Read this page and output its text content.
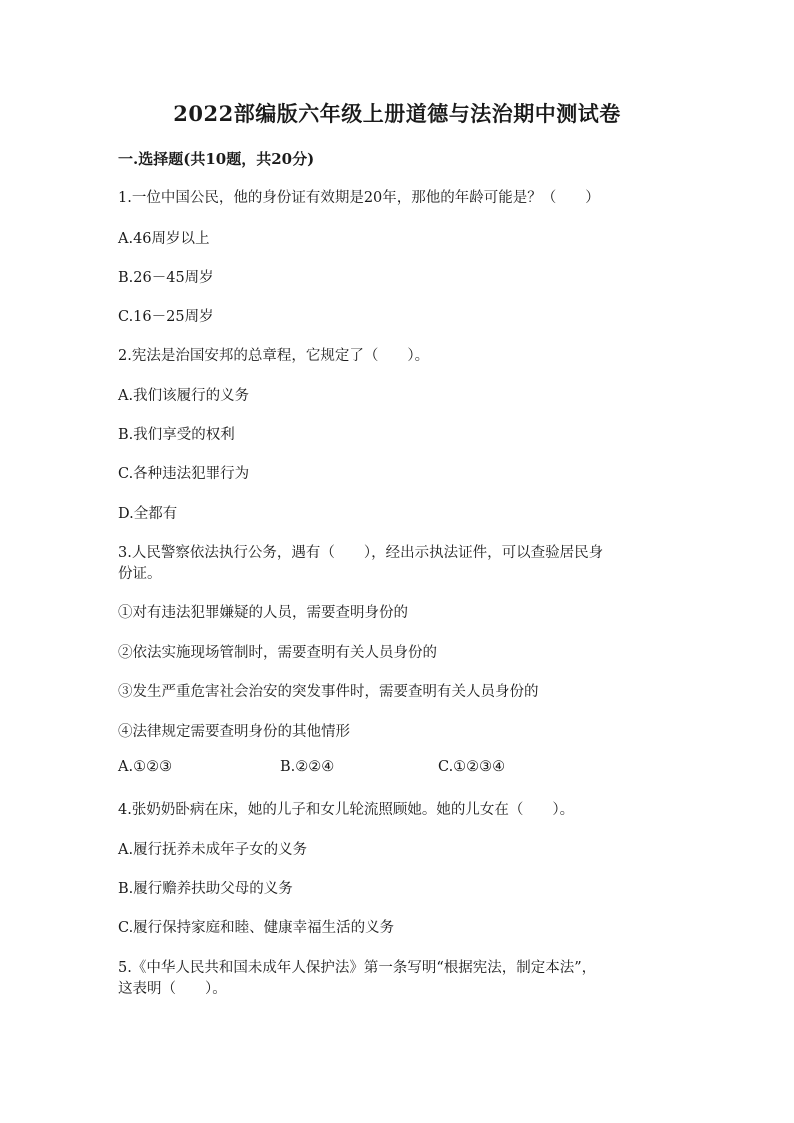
2022部编版六年级上册道德与法治期中测试卷
一.选择题(共10题，共20分)
1.一位中国公民，他的身份证有效期是20年，那他的年龄可能是？（　　）
A.46周岁以上
B.26－45周岁
C.16－25周岁
2.宪法是治国安邦的总章程，它规定了（　　）。
A.我们该履行的义务
B.我们享受的权利
C.各种违法犯罪行为
D.全都有
3.人民警察依法执行公务，遇有（　　），经出示执法证件，可以查验居民身
份证。
①对有违法犯罪嫌疑的人员，需要查明身份的
②依法实施现场管制时，需要查明有关人员身份的
③发生严重危害社会治安的突发事件时，需要查明有关人员身份的
④法律规定需要查明身份的其他情形
A.①②③	B.②②④	C.①②③④
4.张奶奶卧病在床，她的儿子和女儿轮流照顾她。她的儿女在（　　）。
A.履行抚养未成年子女的义务
B.履行赡养扶助父母的义务
C.履行保持家庭和睦、健康幸福生活的义务
5.《中华人民共和国未成年人保护法》第一条写明“根据宪法，制定本法”，
这表明（　　）。
